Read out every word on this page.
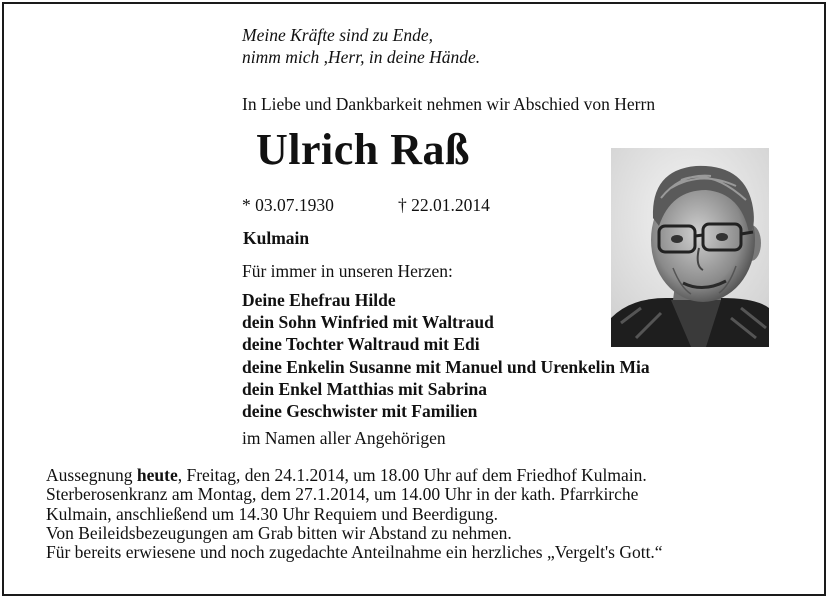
Meine Kräfte sind zu Ende,
nimm mich ,Herr, in deine Hände.
In Liebe und Dankbarkeit nehmen wir Abschied von Herrn
Ulrich Raß
* 03.07.1930	† 22.01.2014
Kulmain
Für immer in unseren Herzen:
Deine Ehefrau Hilde
dein Sohn Winfried mit Waltraud
deine Tochter Waltraud mit Edi
deine Enkelin Susanne mit Manuel und Urenkelin Mia
dein Enkel Matthias mit Sabrina
deine Geschwister mit Familien
im Namen aller Angehörigen
Aussegnung heute, Freitag, den 24.1.2014, um 18.00 Uhr auf dem Friedhof Kulmain.
Sterberosenkranz am Montag, dem 27.1.2014, um 14.00 Uhr in der kath. Pfarrkirche
Kulmain, anschließend um 14.30 Uhr Requiem und Beerdigung.
Von Beileidsbezeugungen am Grab bitten wir Abstand zu nehmen.
Für bereits erwiesene und noch zugedachte Anteilnahme ein herzliches „Vergelt's Gott.“
